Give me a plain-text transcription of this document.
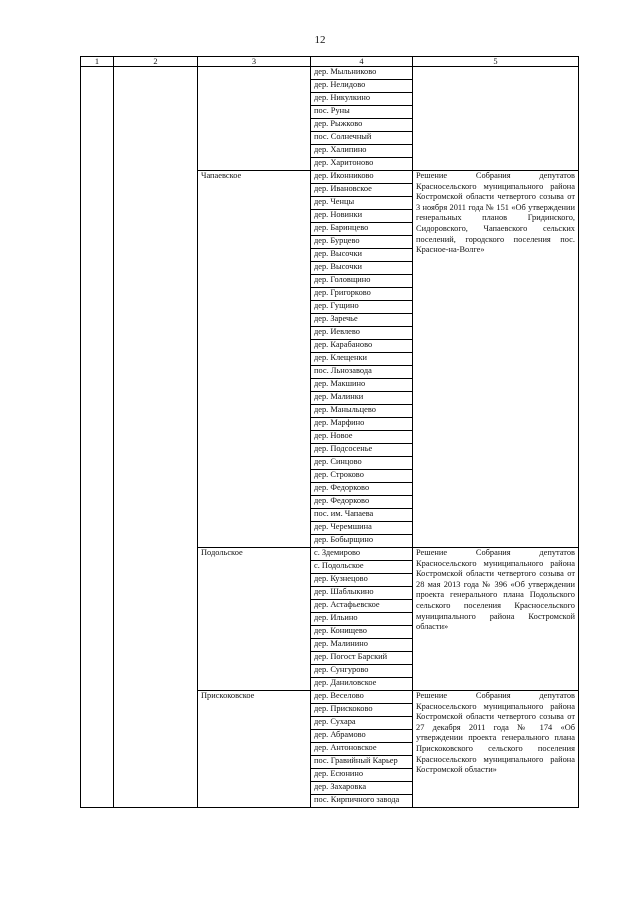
12
1	2	3	4	5
			дер. Мыльниково	
			дер. Нелидово	
			дер. Никулкино	
			пос. Руны	
			дер. Рыжково	
			пос. Солнечный	
			дер. Халипино	
			дер. Харитоново	
		Чапаевское	дер. Иконниково	Решение Собрания депутатов Красносельского муниципального района Костромской области четвертого созыва от 3 ноября 2011 года № 151 «Об утверждении генеральных планов Гридинского, Сидоровского, Чапаевского сельских поселений, городского поселения пос. Красное-на-Волге»
			дер. Ивановское	
			дер. Ченцы	
			дер. Новинки	
			дер. Баринцево	
			дер. Бурцево	
			дер. Высочки	
			дер. Высочки	
			дер. Головщино	
			дер. Григорково	
			дер. Гущино	
			дер. Заречье	
			дер. Иевлево	
			дер. Карабаново	
			дер. Клещенки	
			пос. Льнозавода	
			дер. Макшино	
			дер. Малинки	
			дер. Маныльцево	
			дер. Марфино	
			дер. Новое	
			дер. Подсосенье	
			дер. Синцово	
			дер. Строково	
			дер. Федорково	
			дер. Федорково	
			пос. им. Чапаева	
			дер. Черемшина	
			дер. Бобырщино	
		Подольское	с. Здемирово	Решение Собрания депутатов Красносельского муниципального района Костромской области четвертого созыва от 28 мая 2013 года № 396 «Об утверждении проекта генерального плана Подольского сельского поселения Красносельского муниципального района Костромской области»
			с. Подольское	
			дер. Кузнецово	
			дер. Шаблыкино	
			дер. Астафьевское	
			дер. Ильино	
			дер. Конищево	
			дер. Малинино	
			дер. Погост Барский	
			дер. Сунгурово	
			дер. Даниловское	
		Прискоковское	дер. Веселово	Решение Собрания депутатов Красносельского муниципального района Костромской области четвертого созыва от 27 декабря 2011 года № 174 «Об утверждении проекта генерального плана Прискоковского сельского поселения Красносельского муниципального района Костромской области»
			дер. Прискоково	
			дер. Сухара	
			дер. Абрамово	
			дер. Антоновское	
			пос. Гравийный Карьер	
			дер. Есюнино	
			дер. Захаровка	
			пос. Кирпичного завода	
